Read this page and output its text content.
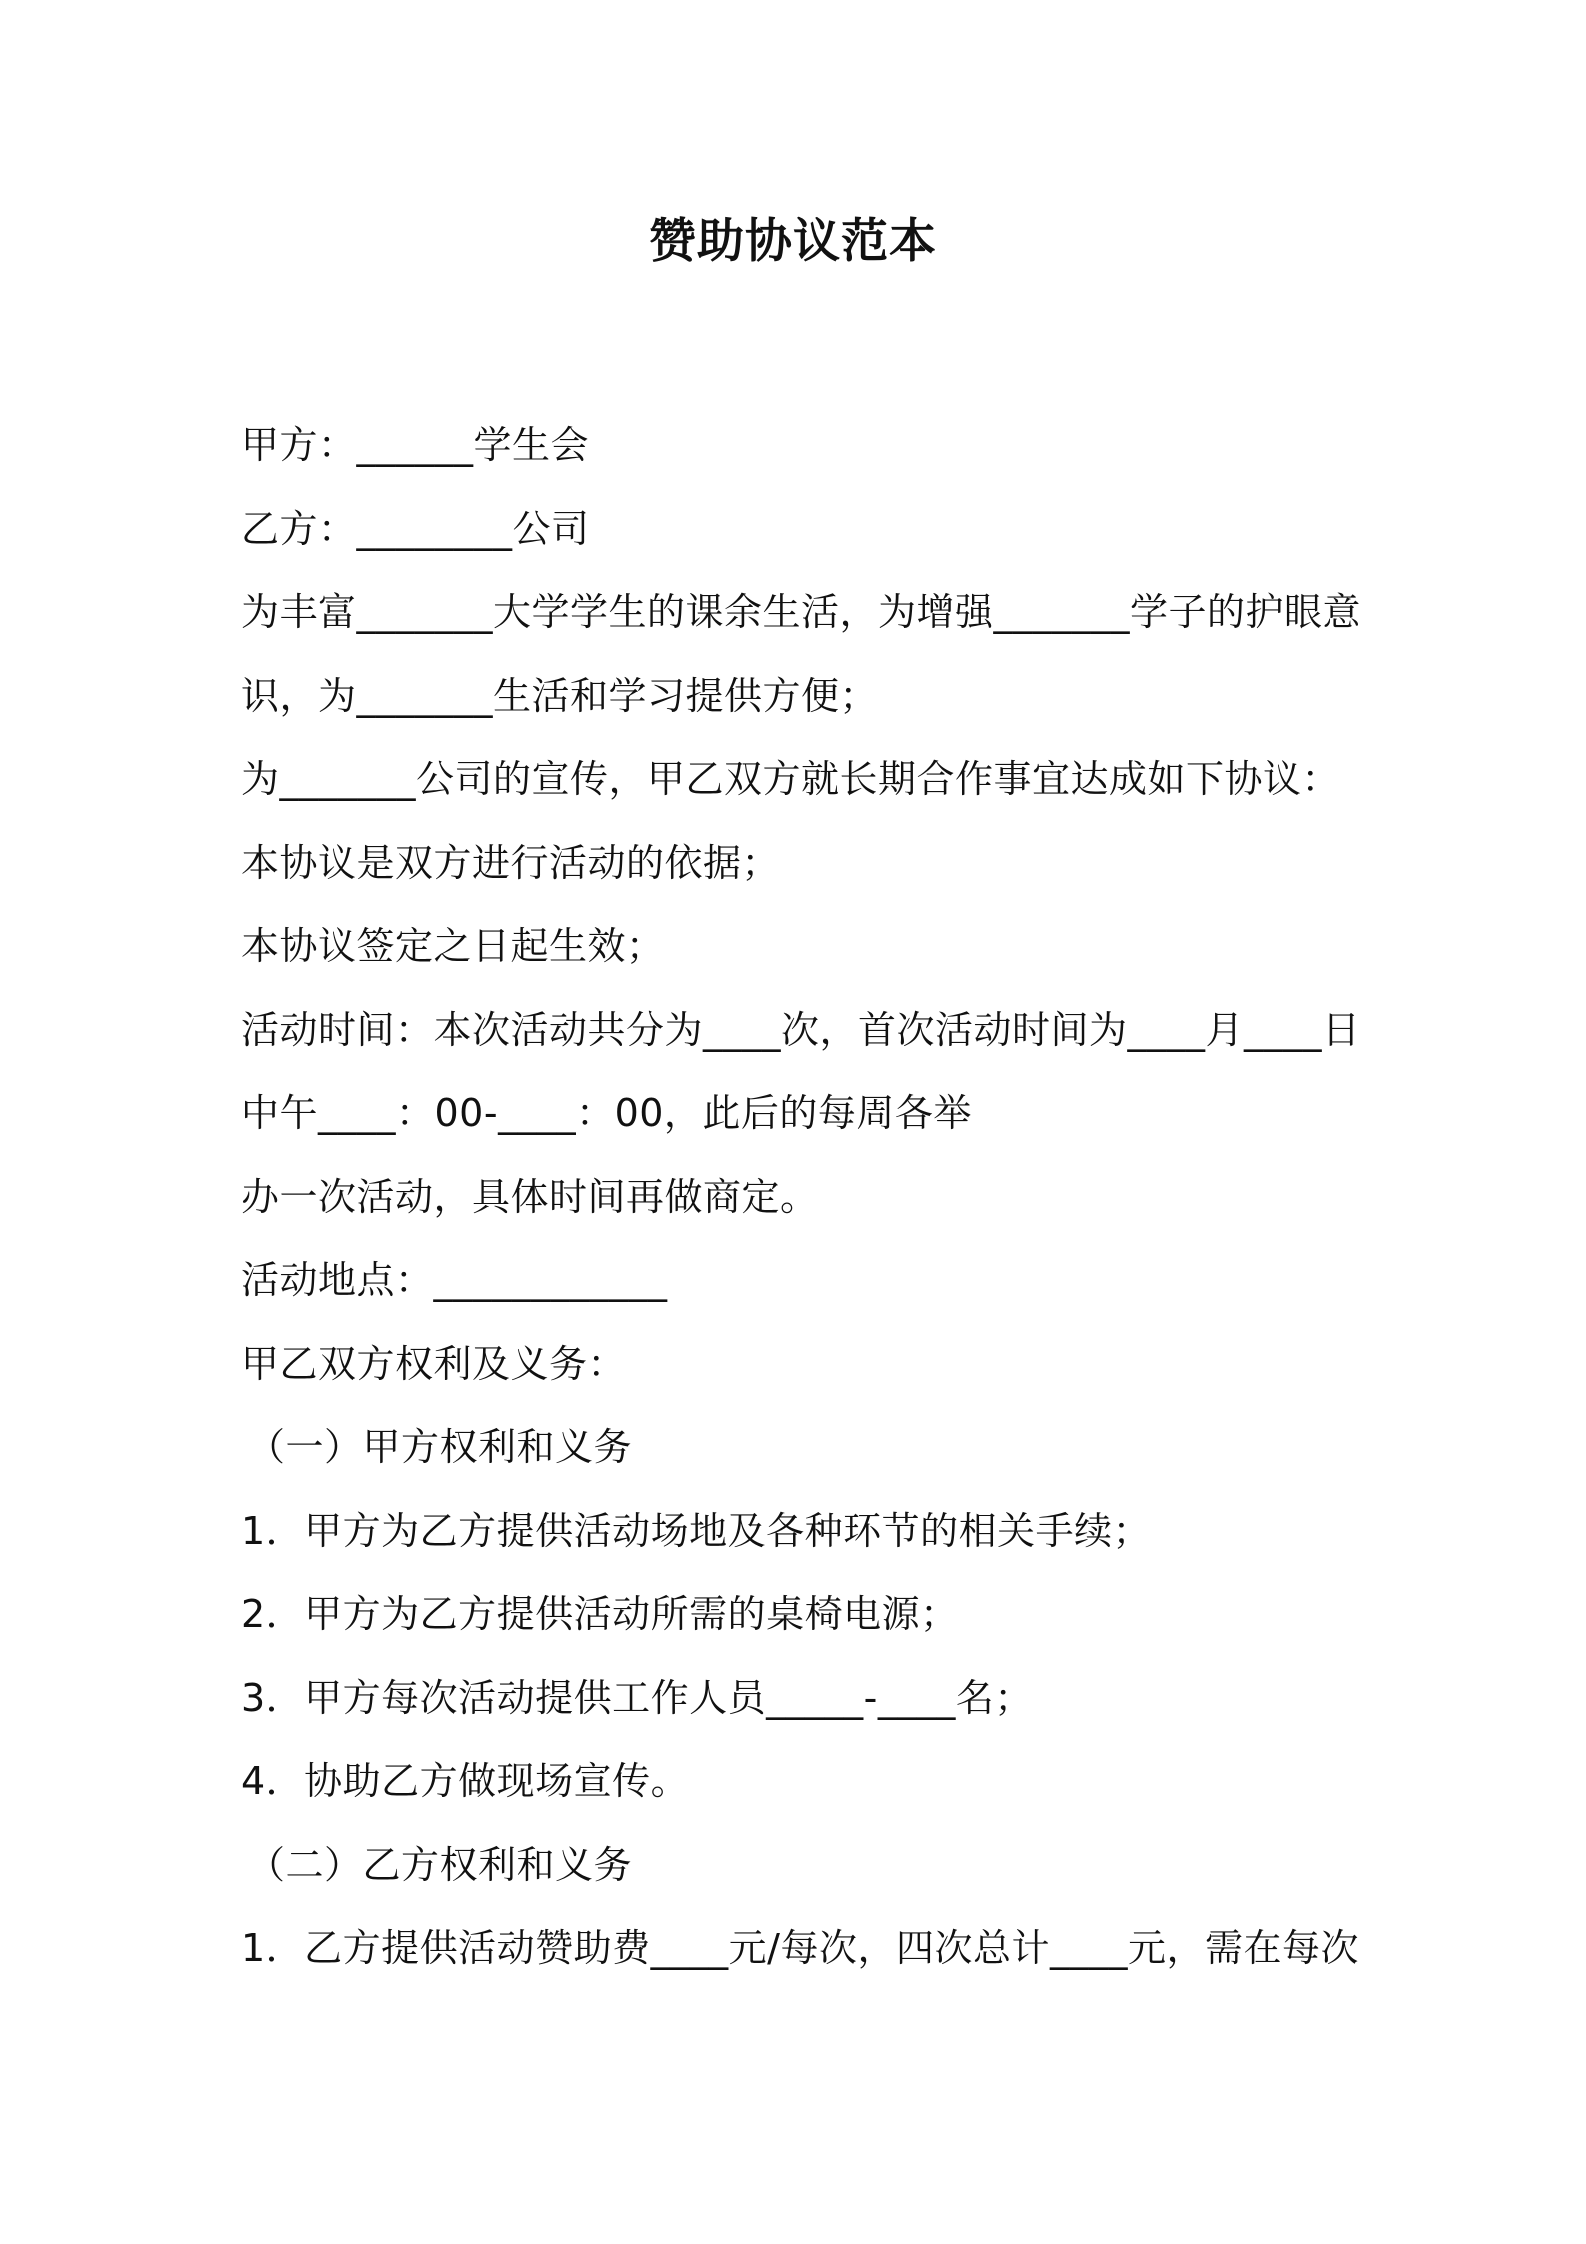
赞助协议范本
甲方：______学生会
乙方：________公司
为丰富_______大学学生的课余生活，为增强_______学子的护眼意
识，为_______生活和学习提供方便；
为_______公司的宣传，甲乙双方就长期合作事宜达成如下协议：
本协议是双方进行活动的依据；
本协议签定之日起生效；
活动时间：本次活动共分为____次，首次活动时间为____月____日
中午____：00-____：00，此后的每周各举
办一次活动，具体时间再做商定。
活动地点：____________
甲乙双方权利及义务：
（一）甲方权利和义务
1．甲方为乙方提供活动场地及各种环节的相关手续；
2．甲方为乙方提供活动所需的桌椅电源；
3．甲方每次活动提供工作人员_____-____名；
4．协助乙方做现场宣传。
（二）乙方权利和义务
1．乙方提供活动赞助费____元/每次，四次总计____元，需在每次
